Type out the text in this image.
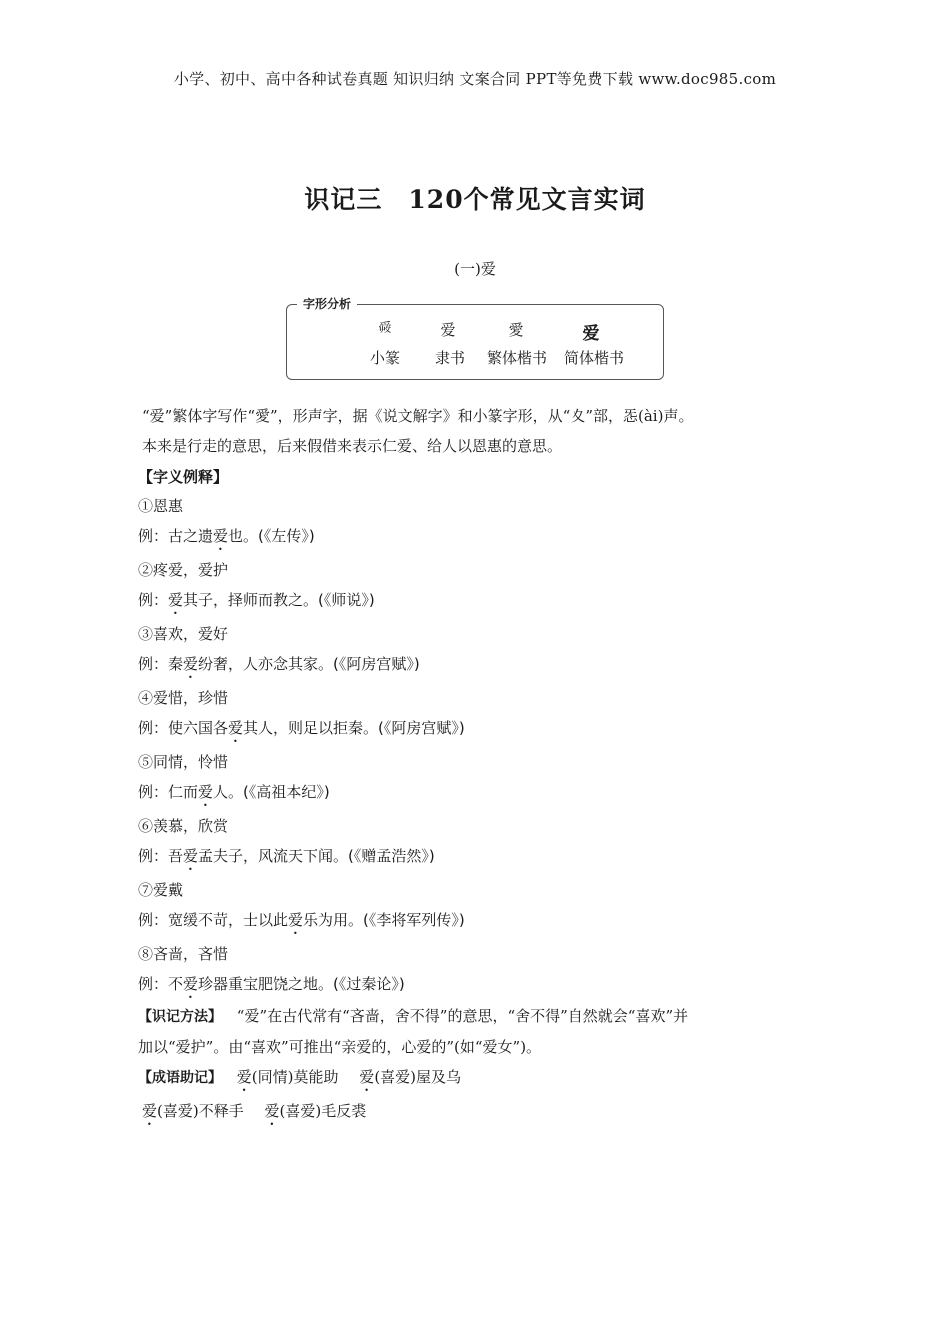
小学、初中、高中各种试卷真题 知识归纳 文案合同 PPT等免费下载 www.doc985.com
识记三　120个常见文言实词
(一)爱
字形分析
𤔠	爱	愛	爱
小篆	隶书	繁体楷书	简体楷书
“爱”繁体字写作“愛”，形声字，据《说文解字》和小篆字形，从“夊”部，㤅(ài)声。
本来是行走的意思，后来假借来表示仁爱、给人以恩惠的意思。
【字义例释】
①恩惠
例：古之遗爱也。(《左传》)
②疼爱，爱护
例：爱其子，择师而教之。(《师说》)
③喜欢，爱好
例：秦爱纷奢，人亦念其家。(《阿房宫赋》)
④爱惜，珍惜
例：使六国各爱其人，则足以拒秦。(《阿房宫赋》)
⑤同情，怜惜
例：仁而爱人。(《高祖本纪》)
⑥羡慕，欣赏
例：吾爱孟夫子，风流天下闻。(《赠孟浩然》)
⑦爱戴
例：宽缓不苛，士以此爱乐为用。(《李将军列传》)
⑧吝啬，吝惜
例：不爱珍器重宝肥饶之地。(《过秦论》)
【识记方法】 “爱”在古代常有“吝啬，舍不得”的意思，“舍不得”自然就会“喜欢”并
加以“爱护”。由“喜欢”可推出“亲爱的，心爱的”(如“爱女”)。
【成语助记】 爱(同情)莫能助 爱(喜爱)屋及乌
爱(喜爱)不释手 爱(喜爱)毛反裘
